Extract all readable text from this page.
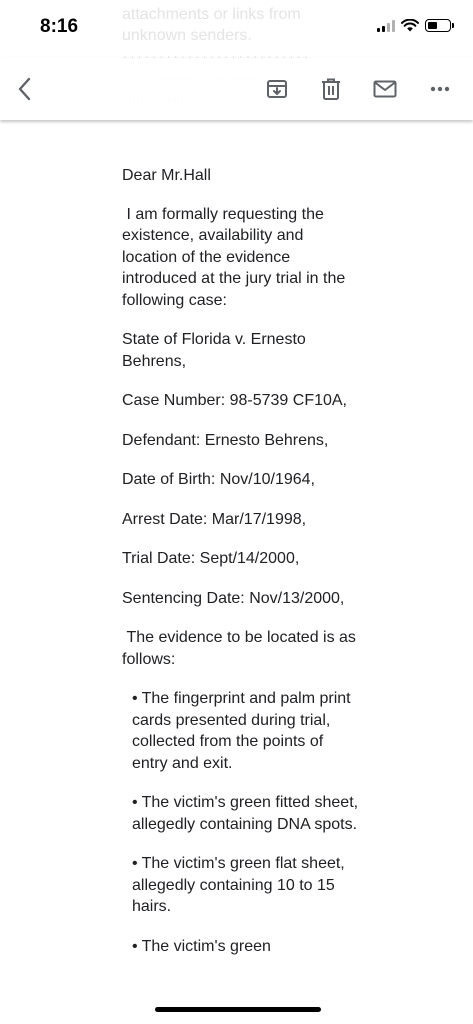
8:16
attachments or links from
unknown senders.

Dear Mr.Hall

I am formally requesting the existence, availability and location of the evidence introduced at the jury trial in the following case:

State of Florida v. Ernesto Behrens,

Case Number: 98-5739 CF10A,

Defendant: Ernesto Behrens,

Date of Birth: Nov/10/1964,

Arrest Date: Mar/17/1998,

Trial Date: Sept/14/2000,

Sentencing Date: Nov/13/2000,

The evidence to be located is as follows:

• The fingerprint and palm print  cards presented during trial, collected from the points of entry and exit.

• The victim's green fitted sheet, allegedly containing DNA spots.

• The victim's green flat sheet, allegedly containing 10 to 15 hairs.

• The victim's green
